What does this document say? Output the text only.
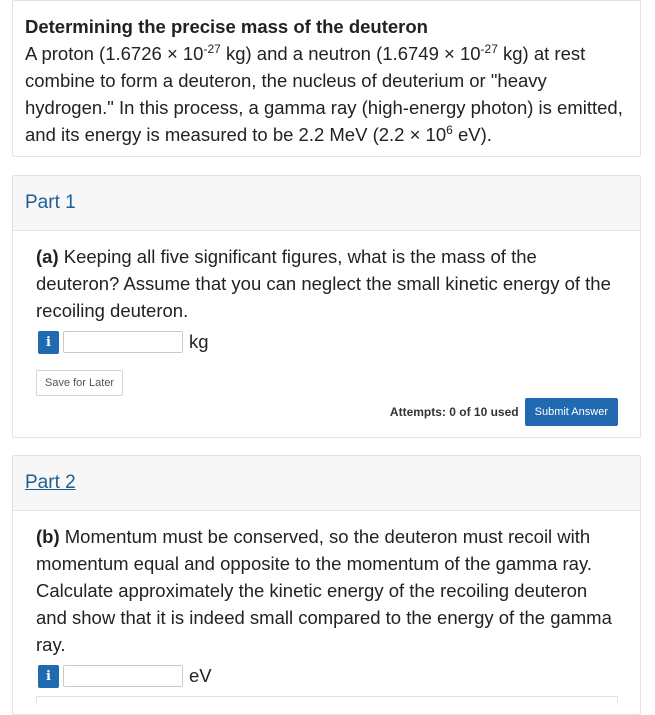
Determining the precise mass of the deuteron
A proton ($1.6726 \times 10^{-27}$ kg) and a neutron ($1.6749 \times 10^{-27}$ kg) at rest combine to form a deuteron, the nucleus of deuterium or "heavy hydrogen." In this process, a gamma ray (high-energy photon) is emitted, and its energy is measured to be 2.2 MeV ($2.2 \times 10^6$ eV).
Part 1
(a) Keeping all five significant figures, what is the mass of the deuteron? Assume that you can neglect the small kinetic energy of the recoiling deuteron.
i	kg
Save for Later
Attempts: 0 of 10 used	Submit Answer
Part 2
(b) Momentum must be conserved, so the deuteron must recoil with momentum equal and opposite to the momentum of the gamma ray. Calculate approximately the kinetic energy of the recoiling deuteron and show that it is indeed small compared to the energy of the gamma ray.
i	eV
